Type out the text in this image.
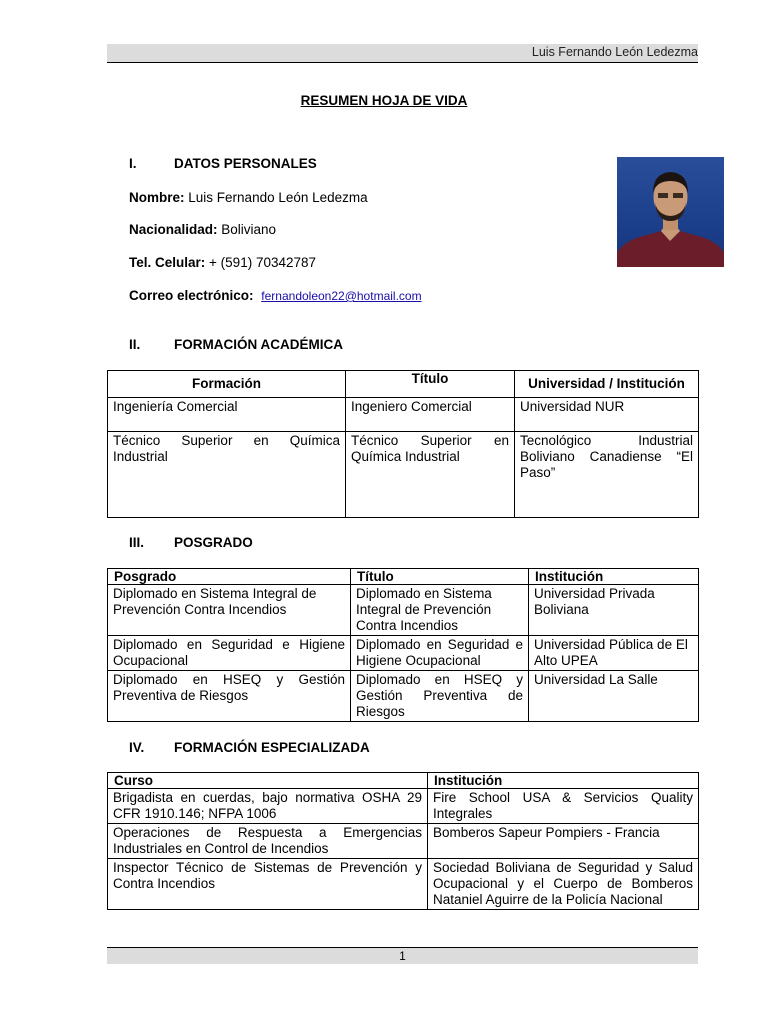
Luis Fernando León Ledezma
RESUMEN HOJA DE VIDA
I.	DATOS PERSONALES
Nombre: Luis Fernando León Ledezma
Nacionalidad: Boliviano
Tel. Celular: + (591) 70342787
Correo electrónico: fernandoleon22@hotmail.com
II. FORMACIÓN ACADÉMICA
Formación	Título	Universidad / Institución
Ingeniería Comercial	Ingeniero Comercial	Universidad NUR
Técnico Superior en Química Industrial	Técnico Superior en Química Industrial	Tecnológico Industrial Boliviano Canadiense “El Paso”
III. POSGRADO
Posgrado	Título	Institución
Diplomado en Sistema Integral de Prevención Contra Incendios	Diplomado en Sistema Integral de Prevención Contra Incendios	Universidad Privada Boliviana
Diplomado en Seguridad e Higiene Ocupacional	Diplomado en Seguridad e Higiene Ocupacional	Universidad Pública de El Alto UPEA
Diplomado en HSEQ y Gestión Preventiva de Riesgos	Diplomado en HSEQ y Gestión Preventiva de Riesgos	Universidad La Salle
IV. FORMACIÓN ESPECIALIZADA
Curso	Institución
Brigadista en cuerdas, bajo normativa OSHA 29 CFR 1910.146; NFPA 1006	Fire School USA & Servicios Quality Integrales
Operaciones de Respuesta a Emergencias Industriales en Control de Incendios	Bomberos Sapeur Pompiers - Francia
Inspector Técnico de Sistemas de Prevención y Contra Incendios	Sociedad Boliviana de Seguridad y Salud Ocupacional y el Cuerpo de Bomberos Nataniel Aguirre de la Policía Nacional
1
